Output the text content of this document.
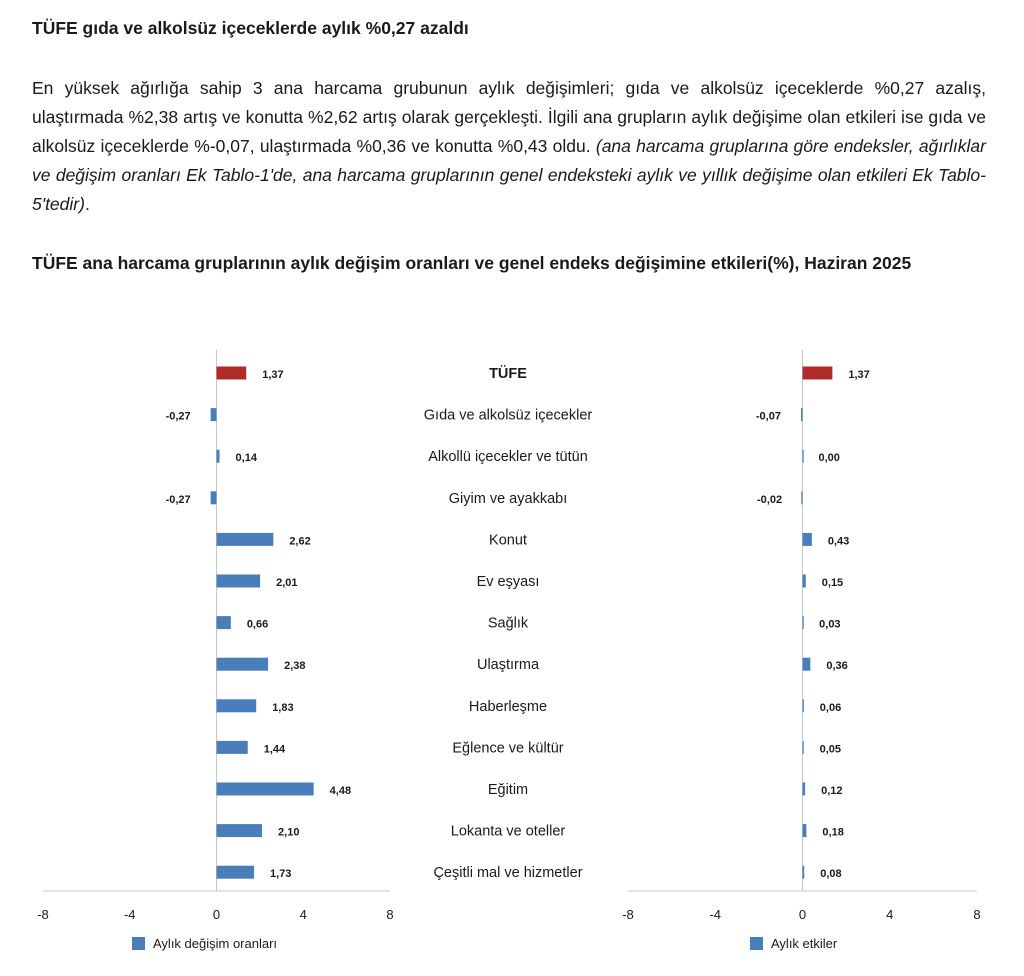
TÜFE gıda ve alkolsüz içeceklerde aylık %0,27 azaldı

En yüksek ağırlığa sahip 3 ana harcama grubunun aylık değişimleri; gıda ve alkolsüz içeceklerde %0,27 azalış, ulaştırmada %2,38 artış ve konutta %2,62 artış olarak gerçekleşti. İlgili ana grupların aylık değişime olan etkileri ise gıda ve alkolsüz içeceklerde %-0,07, ulaştırmada %0,36 ve konutta %0,43 oldu. (ana harcama gruplarına göre endeksler, ağırlıklar ve değişim oranları Ek Tablo-1'de, ana harcama gruplarının genel endeksteki aylık ve yıllık değişime olan etkileri Ek Tablo-5'tedir).

TÜFE ana harcama gruplarının aylık değişim oranları ve genel endeks değişimine etkileri(%), Haziran 2025
-8	-4	0	4	8
1,37
-0,27
0,14
-0,27
2,62
2,01
0,66
2,38
1,83
1,44
4,48
2,10
1,73
Aylık değişim oranları
-8	-4	0	4	8
1,37
-0,07
0,00
-0,02
0,43
0,15
0,03
0,36
0,06
0,05
0,12
0,18
0,08
Aylık etkiler
TÜFE
Gıda ve alkolsüz içecekler
Alkollü içecekler ve tütün
Giyim ve ayakkabı
Konut
Ev eşyası
Sağlık
Ulaştırma
Haberleşme
Eğlence ve kültür
Eğitim
Lokanta ve oteller
Çeşitli mal ve hizmetler
